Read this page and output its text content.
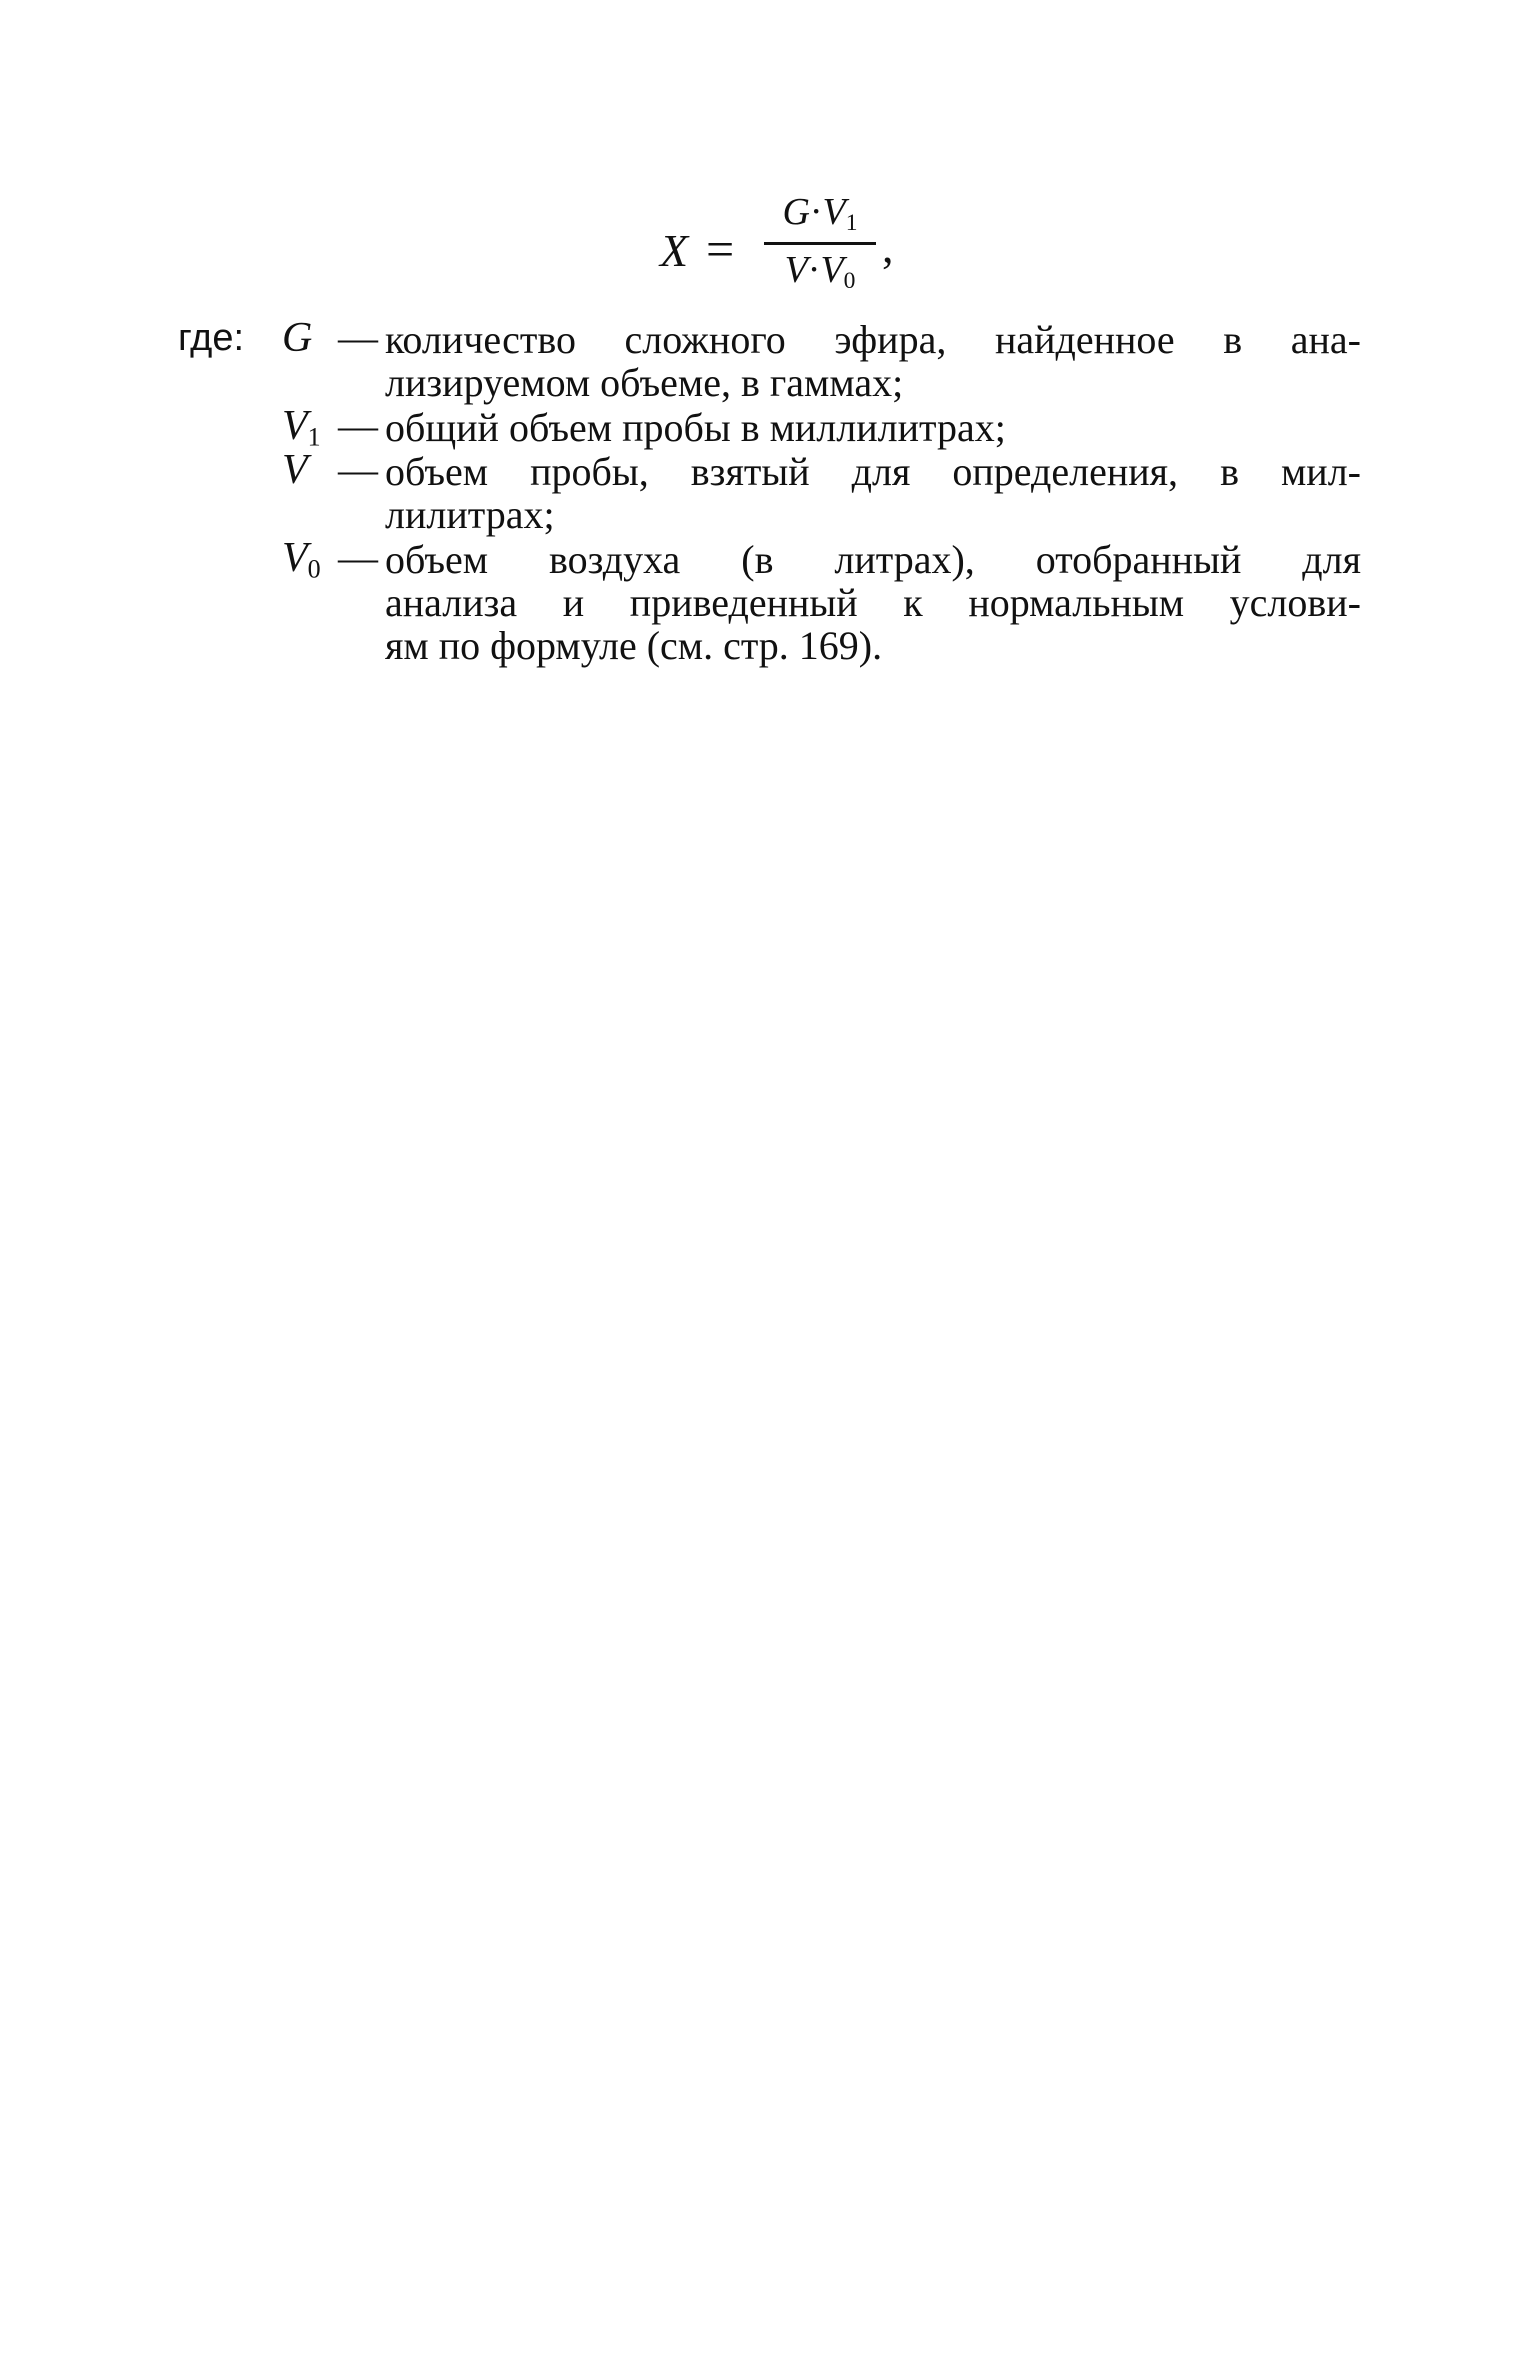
X =
$G\cdot V_1$
$V\cdot V_0$
,
где: G — количество сложного эфира, найденное в ана-
лизируемом объеме, в гаммах;
$V_1$ — общий объем пробы в миллилитрах;
V — объем пробы, взятый для определения, в мил-
лилитрах;
$V_0$ — объем воздуха (в литрах), отобранный для
анализа и приведенный к нормальным услови-
ям по формуле (см. стр. 169).
